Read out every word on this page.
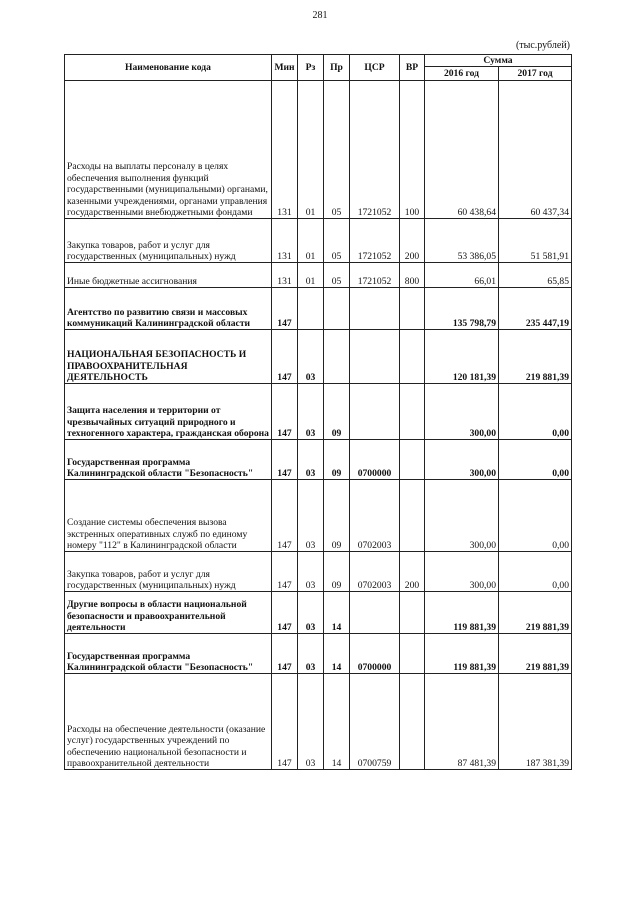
281
(тыс.рублей)
Наименование кода	Мин	Рз	Пр	ЦСР	ВР	Сумма	
						2016 год	2017 год
Расходы на выплаты персоналу в целях обеспечения выполнения функций государственными (муниципальными) органами, казенными учреждениями, органами управления государственными внебюджетными фондами	131	01	05	1721052	100	60 438,64	60 437,34
Закупка товаров, работ и услуг для государственных (муниципальных) нужд	131	01	05	1721052	200	53 386,05	51 581,91
Иные бюджетные ассигнования	131	01	05	1721052	800	66,01	65,85
Агентство по развитию связи и массовых коммуникаций Калининградской области	147					135 798,79	235 447,19
НАЦИОНАЛЬНАЯ БЕЗОПАСНОСТЬ И ПРАВООХРАНИТЕЛЬНАЯ ДЕЯТЕЛЬНОСТЬ	147	03				120 181,39	219 881,39
Защита населения и территории от чрезвычайных ситуаций природного и техногенного характера, гражданская оборона	147	03	09			300,00	0,00
Государственная программа Калининградской области "Безопасность"	147	03	09	0700000		300,00	0,00
Создание системы обеспечения вызова экстренных оперативных служб по единому номеру "112" в Калининградской области	147	03	09	0702003		300,00	0,00
Закупка товаров, работ и услуг для государственных (муниципальных) нужд	147	03	09	0702003	200	300,00	0,00
Другие вопросы в области национальной безопасности и правоохранительной деятельности	147	03	14			119 881,39	219 881,39
Государственная программа Калининградской области "Безопасность"	147	03	14	0700000		119 881,39	219 881,39
Расходы на обеспечение деятельности (оказание услуг) государственных учреждений по обеспечению национальной безопасности и правоохранительной деятельности	147	03	14	0700759		87 481,39	187 381,39
